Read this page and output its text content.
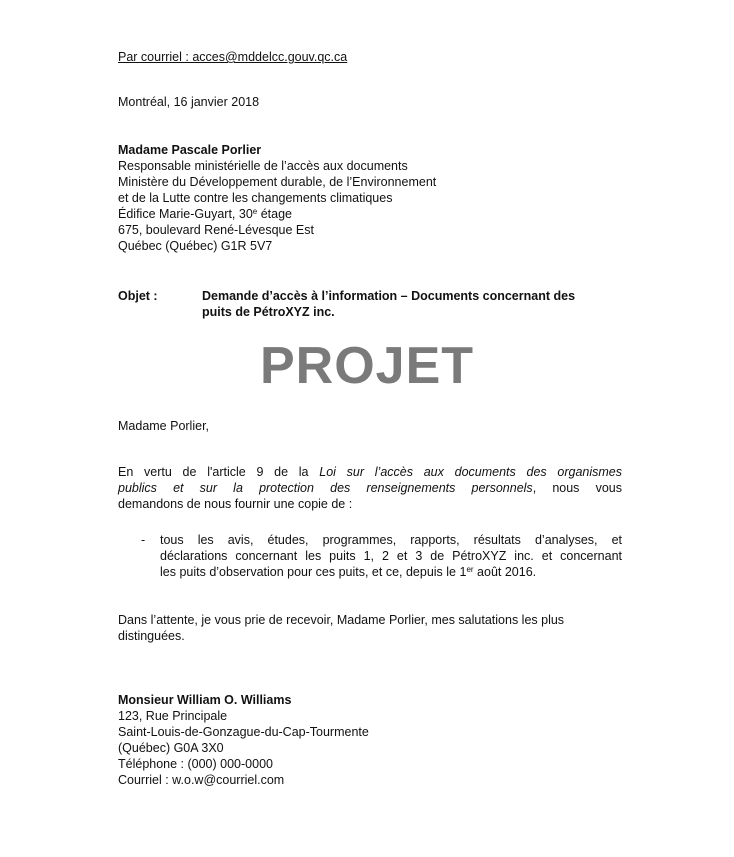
Par courriel : acces@mddelcc.gouv.qc.ca

Montréal, 16 janvier 2018

Madame Pascale Porlier
Responsable ministérielle de l’accès aux documents
Ministère du Développement durable, de l’Environnement
et de la Lutte contre les changements climatiques
Édifice Marie-Guyart, 30e étage
675, boulevard René-Lévesque Est
Québec (Québec) G1R 5V7
Objet :	Demande d’accès à l’information – Documents concernant des
puits de PétroXYZ inc.
PROJET

Madame Porlier,

En vertu de l'article 9 de la Loi sur l’accès aux documents des organismes
publics et sur la protection des renseignements personnels, nous vous
demandons de nous fournir une copie de :
- tous les avis, études, programmes, rapports, résultats d’analyses, et
déclarations concernant les puits 1, 2 et 3 de PétroXYZ inc. et concernant
les puits d’observation pour ces puits, et ce, depuis le 1er août 2016.
Dans l’attente, je vous prie de recevoir, Madame Porlier, mes salutations les plus
distinguées.
Monsieur William O. Williams
123, Rue Principale
Saint-Louis-de-Gonzague-du-Cap-Tourmente
(Québec) G0A 3X0
Téléphone : (000) 000-0000
Courriel : w.o.w@courriel.com
